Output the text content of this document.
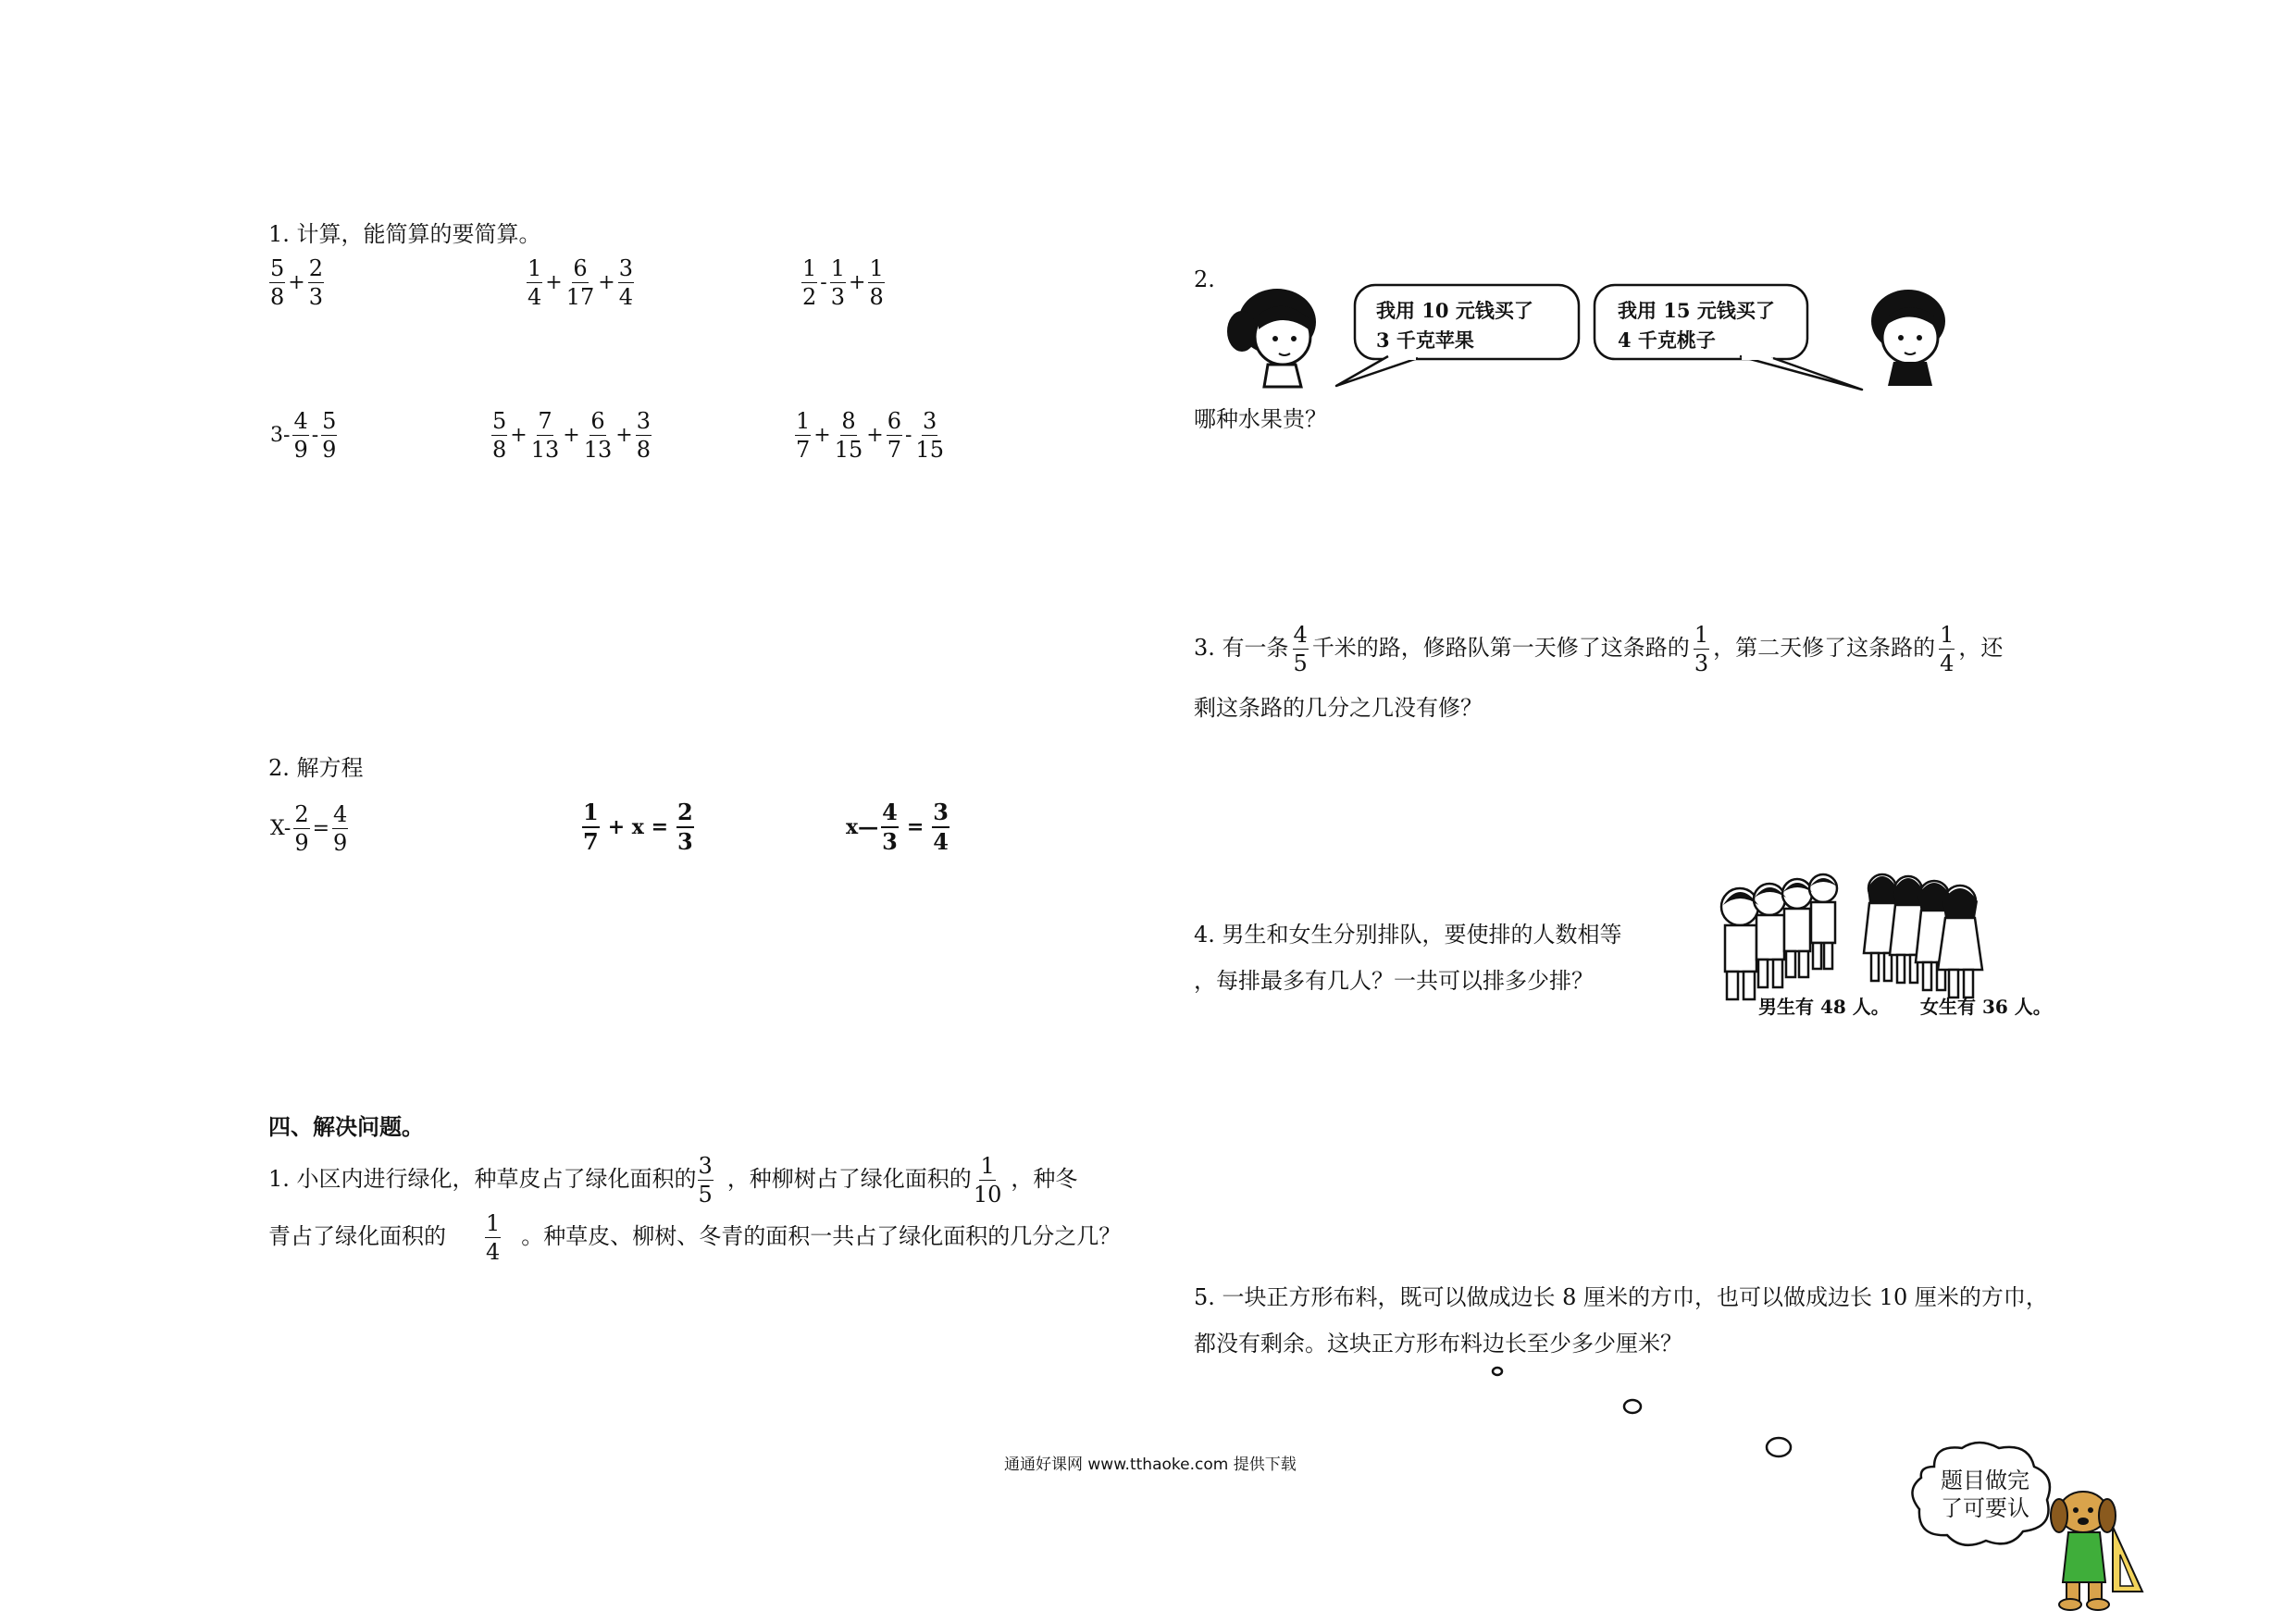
1. 计算，能简算的要简算。
$\frac{5}{8} + \frac{2}{3}$	$\frac{1}{4} + \frac{6}{17} + \frac{3}{4}$	$\frac{1}{2} - \frac{1}{3} + \frac{1}{8}$
$3- \frac{4}{9} - \frac{5}{9}$	$\frac{5}{8} + \frac{7}{13} + \frac{6}{13} + \frac{3}{8}$	$\frac{1}{7} + \frac{8}{15} + \frac{6}{7} - \frac{3}{15}$
2. 解方程
$X- \frac{2}{9} = \frac{4}{9}$	$\frac{1}{7} + x = \frac{2}{3}$	x— $\frac{4}{3} = \frac{3}{4}$
四、解决问题。
1. 小区内进行绿化，种草皮占了绿化面积的 $\frac{3}{5}$ ，种柳树占了绿化面积的 $\frac{1}{10}$ ，种冬
青占了绿化面积的 $\frac{1}{4}$ 。种草皮、柳树、冬青的面积一共占了绿化面积的几分之几？
2.
我用 10 元钱买了 3 千克苹果
我用 15 元钱买了 4 千克桃子
哪种水果贵？
3. 有一条 $\frac{4}{5}$ 千米的路，修路队第一天修了这条路的 $\frac{1}{3}$ ，第二天修了这条路的 $\frac{1}{4}$ ，还
剩这条路的几分之几没有修？
4. 男生和女生分别排队，要使排的人数相等
，每排最多有几人？一共可以排多少排？
男生有 48 人。 女生有 36 人。
5. 一块正方形布料，既可以做成边长 8 厘米的方巾，也可以做成边长 10 厘米的方巾，
都没有剩余。这块正方形布料边长至少多少厘米？
通通好课网 www.tthaoke.com 提供下载
题目做完了可要认
